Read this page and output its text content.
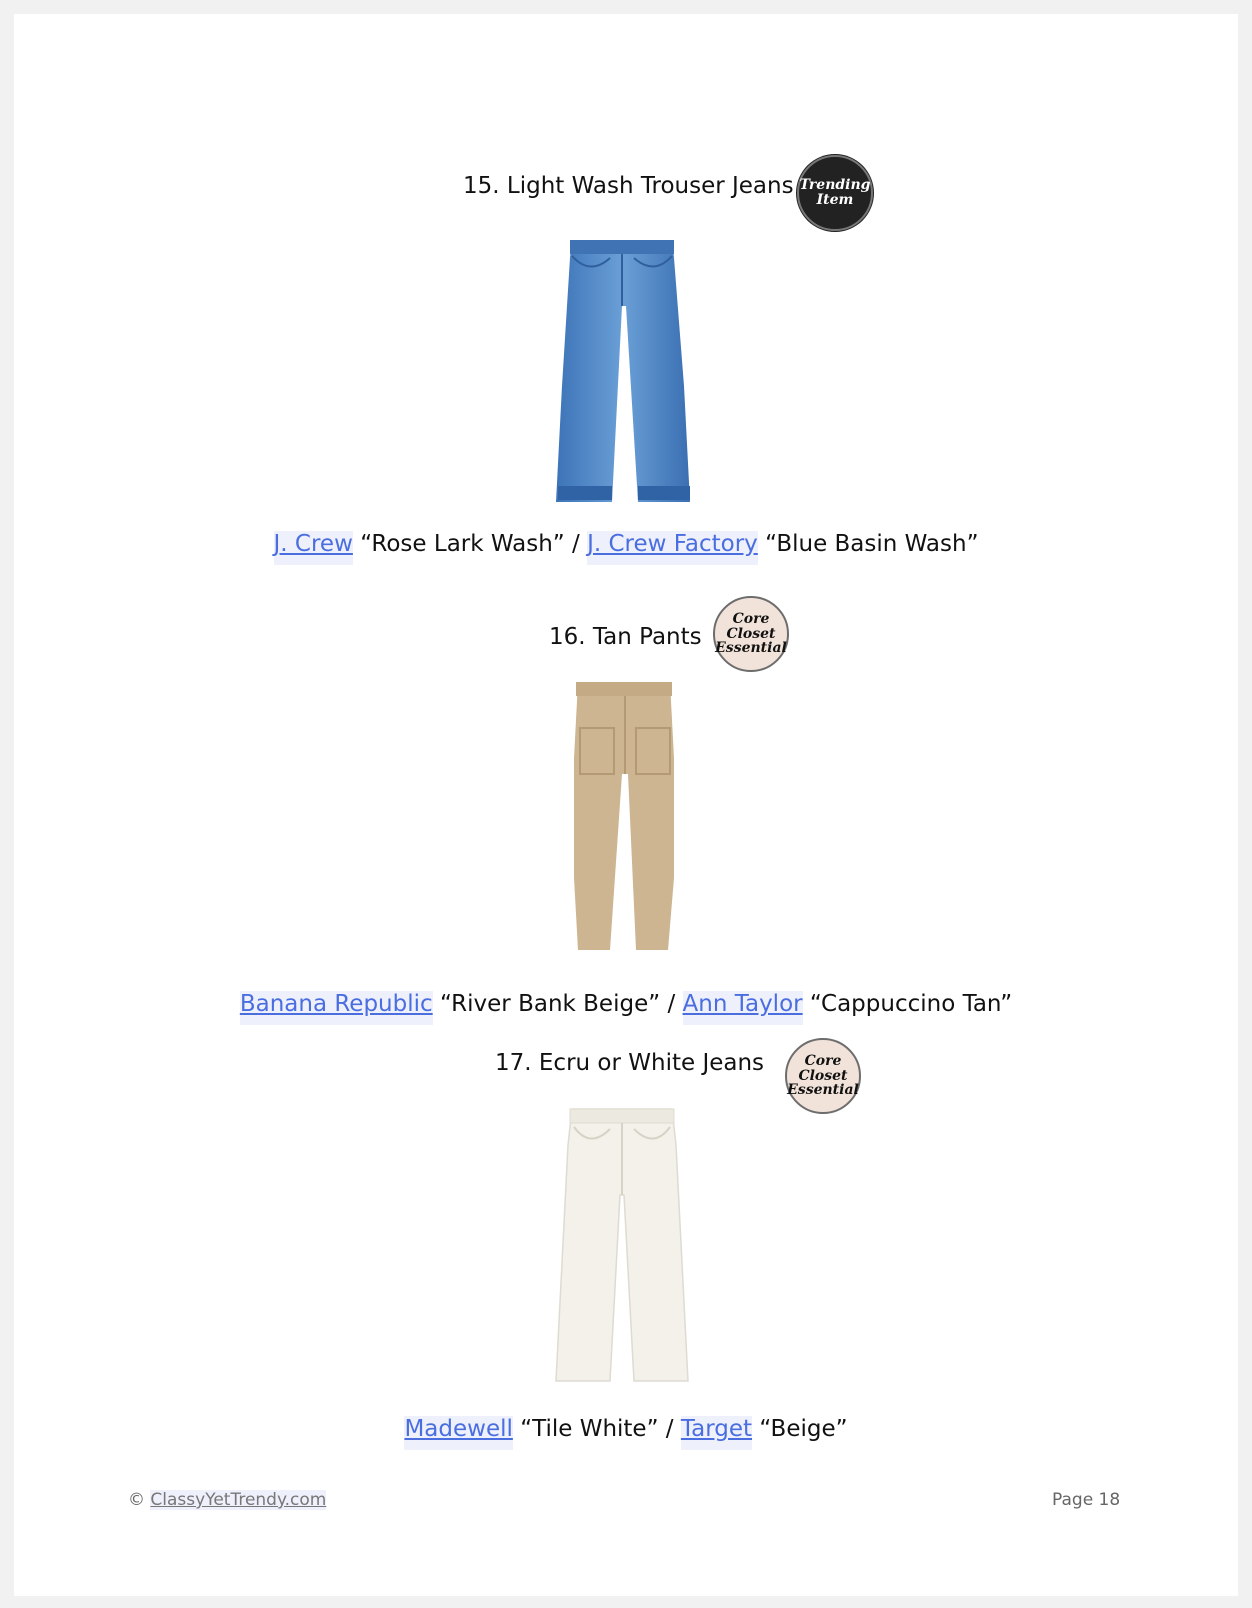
15. Light Wash Trouser Jeans Trending
Item
J. Crew “Rose Lark Wash” / J. Crew Factory “Blue Basin Wash”
16. Tan Pants
Core
Closet
Essential
Banana Republic “River Bank Beige” / Ann Taylor “Cappuccino Tan”
17. Ecru or White Jeans	Core
Closet
Essential
Madewell “Tile White” / Target “Beige”
© ClassyYetTrendy.com	Page 18
